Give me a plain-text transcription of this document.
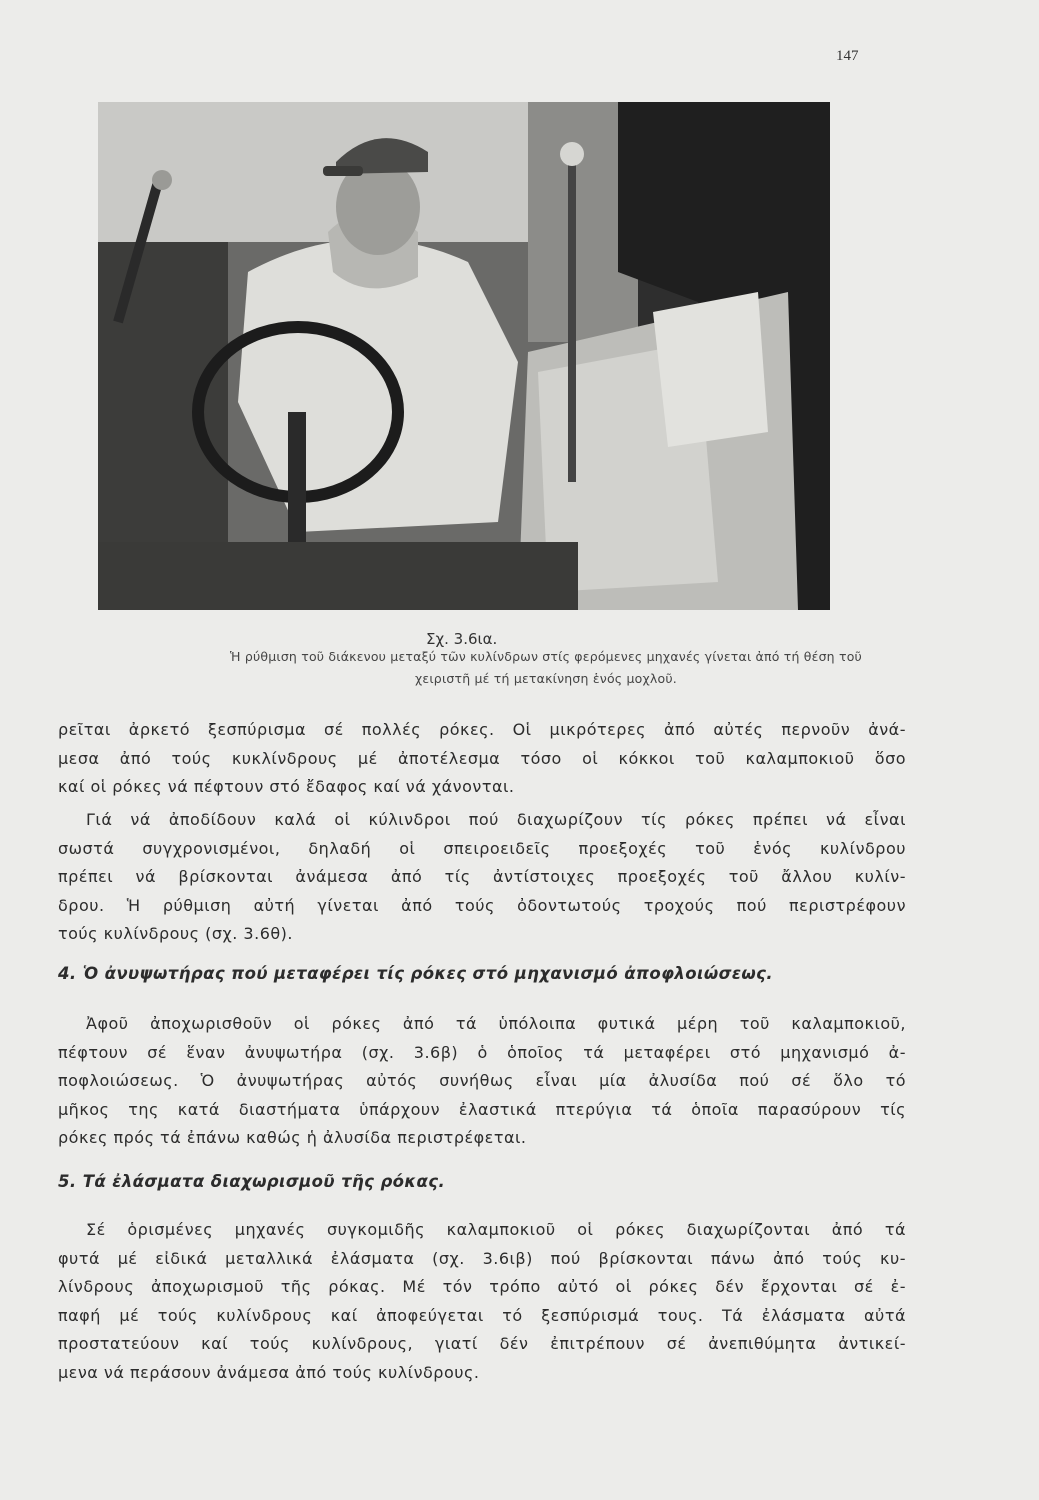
147
Σχ. 3.6ια.
Ἡ ρύθμιση τοῦ διάκενου μεταξύ τῶν κυλίνδρων στίς φερόμενες μηχανές γίνεται ἀπό τή θέση τοῦ
χειριστῆ μέ τή μετακίνηση ἑνός μοχλοῦ.
ρεῖται ἀρκετό ξεσπύρισμα σέ πολλές ρόκες. Οἱ μικρότερες ἀπό αὐτές περνοῦν ἀνά-
μεσα ἀπό τούς κυκλίνδρους μέ ἀποτέλεσμα τόσο οἱ κόκκοι τοῦ καλαμποκιοῦ ὅσο
καί οἱ ρόκες νά πέφτουν στό ἔδαφος καί νά χάνονται.
Γιά νά ἀποδίδουν καλά οἱ κύλινδροι πού διαχωρίζουν τίς ρόκες πρέπει νά εἶναι
σωστά συγχρονισμένοι, δηλαδή οἱ σπειροειδεῖς προεξοχές τοῦ ἑνός κυλίνδρου
πρέπει νά βρίσκονται ἀνάμεσα ἀπό τίς ἀντίστοιχες προεξοχές τοῦ ἄλλου κυλίν-
δρου. Ἡ ρύθμιση αὐτή γίνεται ἀπό τούς ὀδοντωτούς τροχούς πού περιστρέφουν
τούς κυλίνδρους (σχ. 3.6θ).
4. Ὁ ἀνυψωτήρας πού μεταφέρει τίς ρόκες στό μηχανισμό ἀποφλοιώσεως.
Ἀφοῦ ἀποχωρισθοῦν οἱ ρόκες ἀπό τά ὑπόλοιπα φυτικά μέρη τοῦ καλαμποκιοῦ,
πέφτουν σέ ἕναν ἀνυψωτήρα (σχ. 3.6β) ὁ ὁποῖος τά μεταφέρει στό μηχανισμό ἀ-
ποφλοιώσεως. Ὁ ἀνυψωτήρας αὐτός συνήθως εἶναι μία ἀλυσίδα πού σέ ὅλο τό
μῆκος της κατά διαστήματα ὑπάρχουν ἐλαστικά πτερύγια τά ὁποῖα παρασύρουν τίς
ρόκες πρός τά ἐπάνω καθώς ἡ ἀλυσίδα περιστρέφεται.
5. Τά ἐλάσματα διαχωρισμοῦ τῆς ρόκας.
Σέ ὁρισμένες μηχανές συγκομιδῆς καλαμποκιοῦ οἱ ρόκες διαχωρίζονται ἀπό τά
φυτά μέ εἰδικά μεταλλικά ἐλάσματα (σχ. 3.6ιβ) πού βρίσκονται πάνω ἀπό τούς κυ-
λίνδρους ἀποχωρισμοῦ τῆς ρόκας. Μέ τόν τρόπο αὐτό οἱ ρόκες δέν ἔρχονται σέ ἐ-
παφή μέ τούς κυλίνδρους καί ἀποφεύγεται τό ξεσπύρισμά τους. Τά ἐλάσματα αὐτά
προστατεύουν καί τούς κυλίνδρους, γιατί δέν ἐπιτρέπουν σέ ἀνεπιθύμητα ἀντικεί-
μενα νά περάσουν ἀνάμεσα ἀπό τούς κυλίνδρους.
